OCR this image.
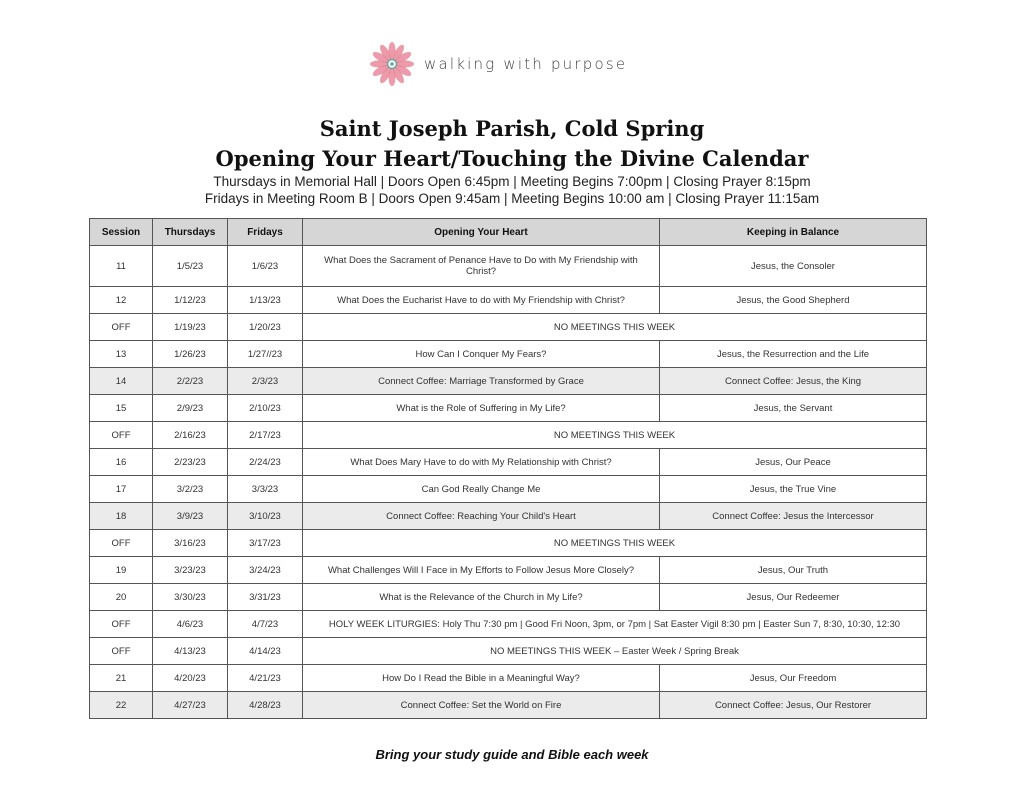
walking with purpose
Saint Joseph Parish, Cold Spring
Opening Your Heart/Touching the Divine Calendar
Thursdays in Memorial Hall | Doors Open 6:45pm | Meeting Begins 7:00pm | Closing Prayer 8:15pm
Fridays in Meeting Room B | Doors Open 9:45am | Meeting Begins 10:00 am | Closing Prayer 11:15am
Session	Thursdays	Fridays	Opening Your Heart	Keeping in Balance
11	1/5/23	1/6/23	What Does the Sacrament of Penance Have to Do with My Friendship with Christ?	Jesus, the Consoler
12	1/12/23	1/13/23	What Does the Eucharist Have to do with My Friendship with Christ?	Jesus, the Good Shepherd
OFF	1/19/23	1/20/23	NO MEETINGS THIS WEEK	
13	1/26/23	1/27//23	How Can I Conquer My Fears?	Jesus, the Resurrection and the Life
14	2/2/23	2/3/23	Connect Coffee: Marriage Transformed by Grace	Connect Coffee: Jesus, the King
15	2/9/23	2/10/23	What is the Role of Suffering in My Life?	Jesus, the Servant
OFF	2/16/23	2/17/23	NO MEETINGS THIS WEEK	
16	2/23/23	2/24/23	What Does Mary Have to do with My Relationship with Christ?	Jesus, Our Peace
17	3/2/23	3/3/23	Can God Really Change Me	Jesus, the True Vine
18	3/9/23	3/10/23	Connect Coffee: Reaching Your Child's Heart	Connect Coffee: Jesus the Intercessor
OFF	3/16/23	3/17/23	NO MEETINGS THIS WEEK	
19	3/23/23	3/24/23	What Challenges Will I Face in My Efforts to Follow Jesus More Closely?	Jesus, Our Truth
20	3/30/23	3/31/23	What is the Relevance of the Church in My Life?	Jesus, Our Redeemer
OFF	4/6/23	4/7/23	HOLY WEEK LITURGIES: Holy Thu 7:30 pm | Good Fri Noon, 3pm, or 7pm | Sat Easter Vigil 8:30 pm | Easter Sun 7, 8:30, 10:30, 12:30	
OFF	4/13/23	4/14/23	NO MEETINGS THIS WEEK – Easter Week / Spring Break	
21	4/20/23	4/21/23	How Do I Read the Bible in a Meaningful Way?	Jesus, Our Freedom
22	4/27/23	4/28/23	Connect Coffee: Set the World on Fire	Connect Coffee: Jesus, Our Restorer
Bring your study guide and Bible each week
